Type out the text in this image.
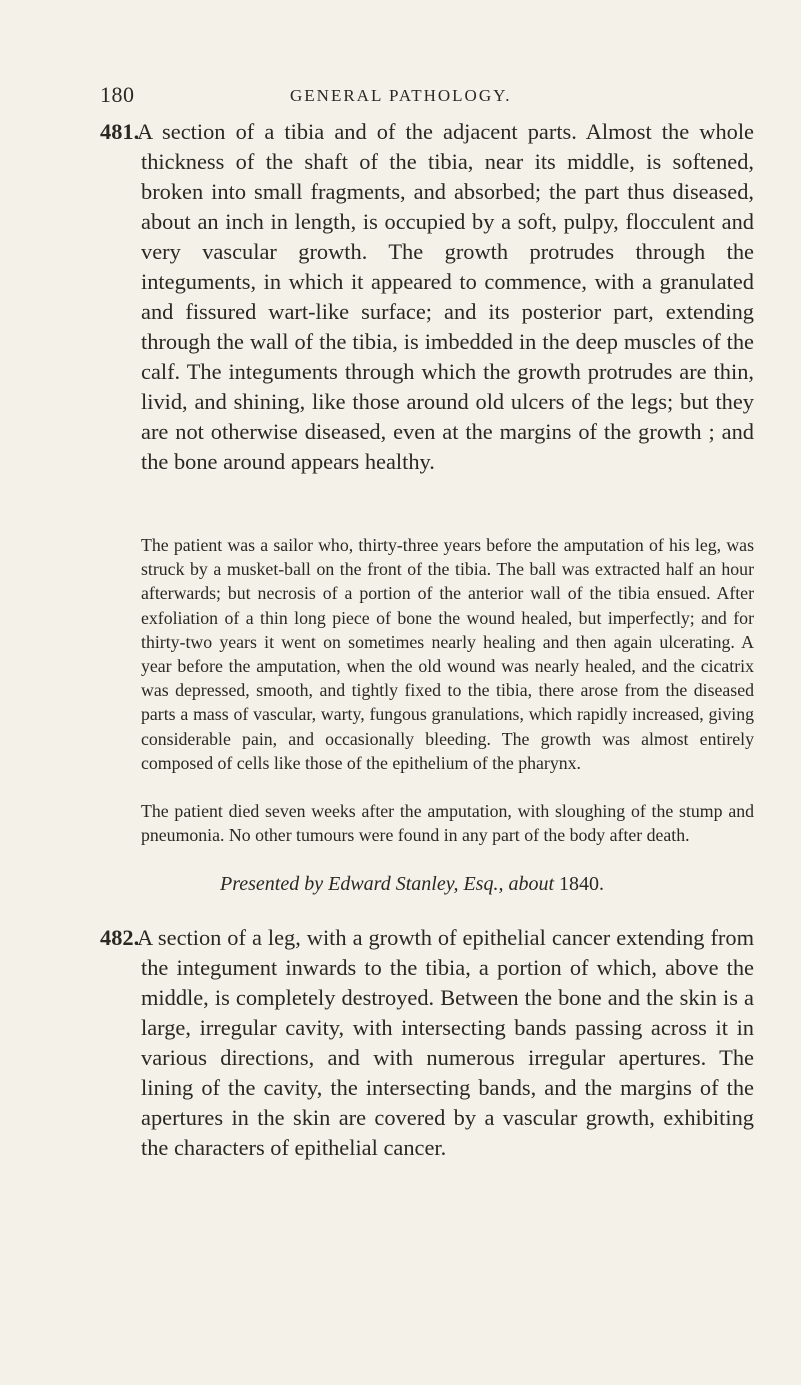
180	GENERAL PATHOLOGY.
481.A section of a tibia and of the adjacent parts. Almost the whole thickness of the shaft of the tibia, near its middle, is softened, broken into small fragments, and absorbed; the part thus diseased, about an inch in length, is occupied by a soft, pulpy, flocculent and very vascular growth. The growth protrudes through the integuments, in which it appeared to commence, with a granulated and fissured wart-like surface; and its posterior part, extending through the wall of the tibia, is imbedded in the deep muscles of the calf. The integuments through which the growth protrudes are thin, livid, and shining, like those around old ulcers of the legs; but they are not otherwise diseased, even at the margins of the growth ; and the bone around appears healthy.
The patient was a sailor who, thirty-three years before the amputation of his leg, was struck by a musket-ball on the front of the tibia. The ball was extracted half an hour afterwards; but necrosis of a portion of the anterior wall of the tibia ensued. After exfoliation of a thin long piece of bone the wound healed, but imperfectly; and for thirty-two years it went on sometimes nearly healing and then again ulcerating. A year before the amputation, when the old wound was nearly healed, and the cicatrix was depressed, smooth, and tightly fixed to the tibia, there arose from the diseased parts a mass of vascular, warty, fungous granulations, which rapidly increased, giving considerable pain, and occasionally bleeding. The growth was almost entirely composed of cells like those of the epithelium of the pharynx.
The patient died seven weeks after the amputation, with sloughing of the stump and pneumonia. No other tumours were found in any part of the body after death.
Presented by Edward Stanley, Esq., about 1840.
482.A section of a leg, with a growth of epithelial cancer extending from the integument inwards to the tibia, a portion of which, above the middle, is completely destroyed. Between the bone and the skin is a large, irregular cavity, with intersecting bands passing across it in various directions, and with numerous irregular apertures. The lining of the cavity, the intersecting bands, and the margins of the apertures in the skin are covered by a vascular growth, exhibiting the characters of epithelial cancer.
